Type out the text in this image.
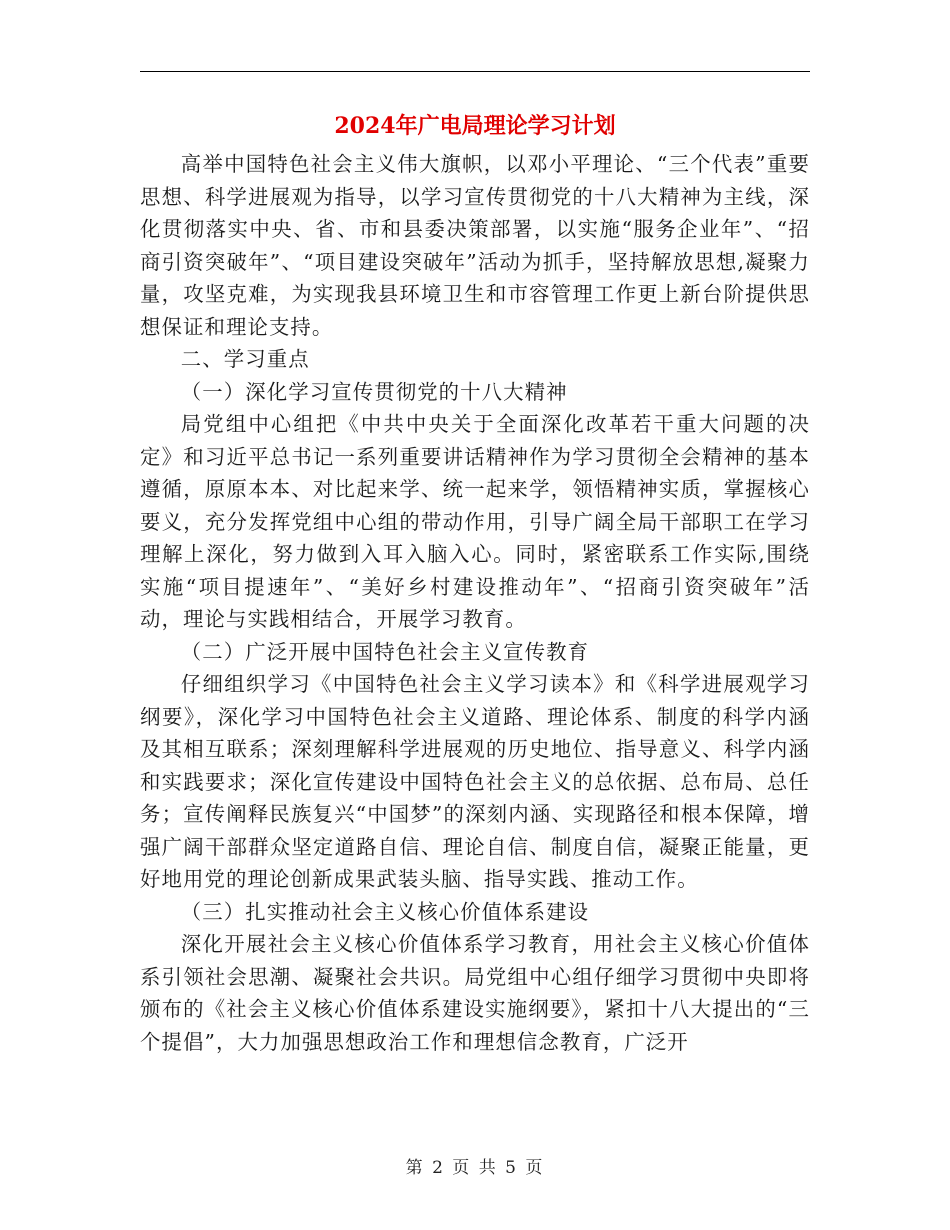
2024年广电局理论学习计划

高举中国特色社会主义伟大旗帜，以邓小平理论、“三个代表”重要思想、科学进展观为指导，以学习宣传贯彻党的十八大精神为主线，深化贯彻落实中央、省、市和县委决策部署，以实施“服务企业年”、“招商引资突破年”、“项目建设突破年”活动为抓手，坚持解放思想,凝聚力量，攻坚克难，为实现我县环境卫生和市容管理工作更上新台阶提供思想保证和理论支持。

二、学习重点

（一）深化学习宣传贯彻党的十八大精神

局党组中心组把《中共中央关于全面深化改革若干重大问题的决定》和习近平总书记一系列重要讲话精神作为学习贯彻全会精神的基本遵循，原原本本、对比起来学、统一起来学，领悟精神实质，掌握核心要义，充分发挥党组中心组的带动作用，引导广阔全局干部职工在学习理解上深化，努力做到入耳入脑入心。同时，紧密联系工作实际,围绕实施“项目提速年”、“美好乡村建设推动年”、“招商引资突破年”活动，理论与实践相结合，开展学习教育。

（二）广泛开展中国特色社会主义宣传教育

仔细组织学习《中国特色社会主义学习读本》和《科学进展观学习纲要》，深化学习中国特色社会主义道路、理论体系、制度的科学内涵及其相互联系；深刻理解科学进展观的历史地位、指导意义、科学内涵和实践要求；深化宣传建设中国特色社会主义的总依据、总布局、总任务；宣传阐释民族复兴“中国梦”的深刻内涵、实现路径和根本保障，增强广阔干部群众坚定道路自信、理论自信、制度自信，凝聚正能量，更好地用党的理论创新成果武装头脑、指导实践、推动工作。

（三）扎实推动社会主义核心价值体系建设

深化开展社会主义核心价值体系学习教育，用社会主义核心价值体系引领社会思潮、凝聚社会共识。局党组中心组仔细学习贯彻中央即将颁布的《社会主义核心价值体系建设实施纲要》，紧扣十八大提出的“三个提倡”，大力加强思想政治工作和理想信念教育，广泛开

第 2 页 共 5 页
